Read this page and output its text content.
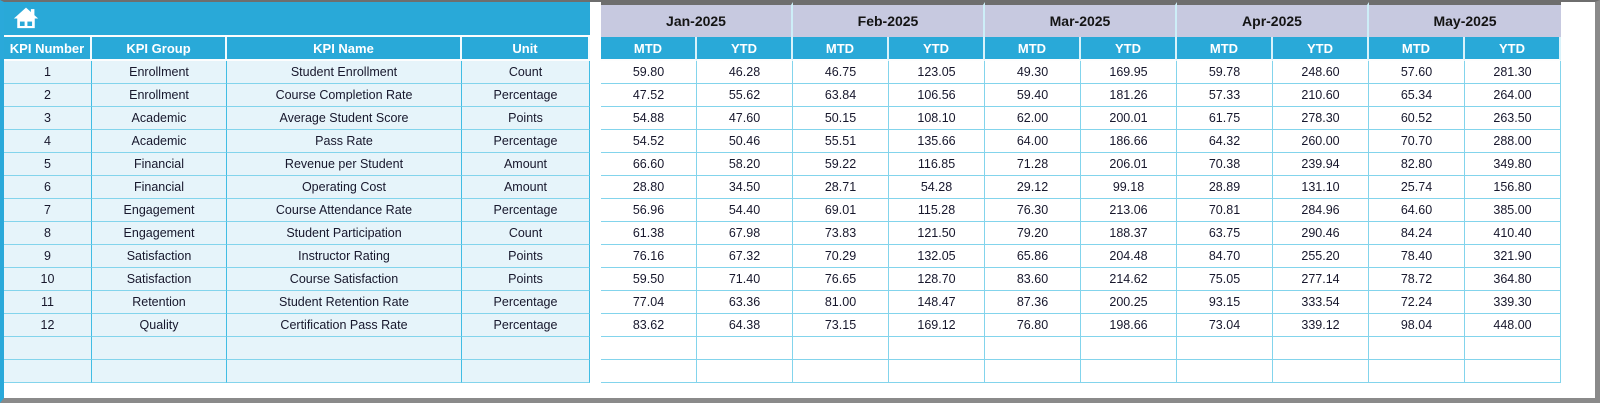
Jan-2025	Feb-2025	Mar-2025	Apr-2025	May-2025
KPI Number	KPI Group	KPI Name	Unit	MTD	YTD	MTD	YTD	MTD	YTD	MTD	YTD	MTD	YTD
1	Enrollment	Student Enrollment	Count	59.80	46.28	46.75	123.05	49.30	169.95	59.78	248.60	57.60	281.30
2	Enrollment	Course Completion Rate	Percentage	47.52	55.62	63.84	106.56	59.40	181.26	57.33	210.60	65.34	264.00
3	Academic	Average Student Score	Points	54.88	47.60	50.15	108.10	62.00	200.01	61.75	278.30	60.52	263.50
4	Academic	Pass Rate	Percentage	54.52	50.46	55.51	135.66	64.00	186.66	64.32	260.00	70.70	288.00
5	Financial	Revenue per Student	Amount	66.60	58.20	59.22	116.85	71.28	206.01	70.38	239.94	82.80	349.80
6	Financial	Operating Cost	Amount	28.80	34.50	28.71	54.28	29.12	99.18	28.89	131.10	25.74	156.80
7	Engagement	Course Attendance Rate	Percentage	56.96	54.40	69.01	115.28	76.30	213.06	70.81	284.96	64.60	385.00
8	Engagement	Student Participation	Count	61.38	67.98	73.83	121.50	79.20	188.37	63.75	290.46	84.24	410.40
9	Satisfaction	Instructor Rating	Points	76.16	67.32	70.29	132.05	65.86	204.48	84.70	255.20	78.40	321.90
10	Satisfaction	Course Satisfaction	Points	59.50	71.40	76.65	128.70	83.60	214.62	75.05	277.14	78.72	364.80
11	Retention	Student Retention Rate	Percentage	77.04	63.36	81.00	148.47	87.36	200.25	93.15	333.54	72.24	339.30
12	Quality	Certification Pass Rate	Percentage	83.62	64.38	73.15	169.12	76.80	198.66	73.04	339.12	98.04	448.00
